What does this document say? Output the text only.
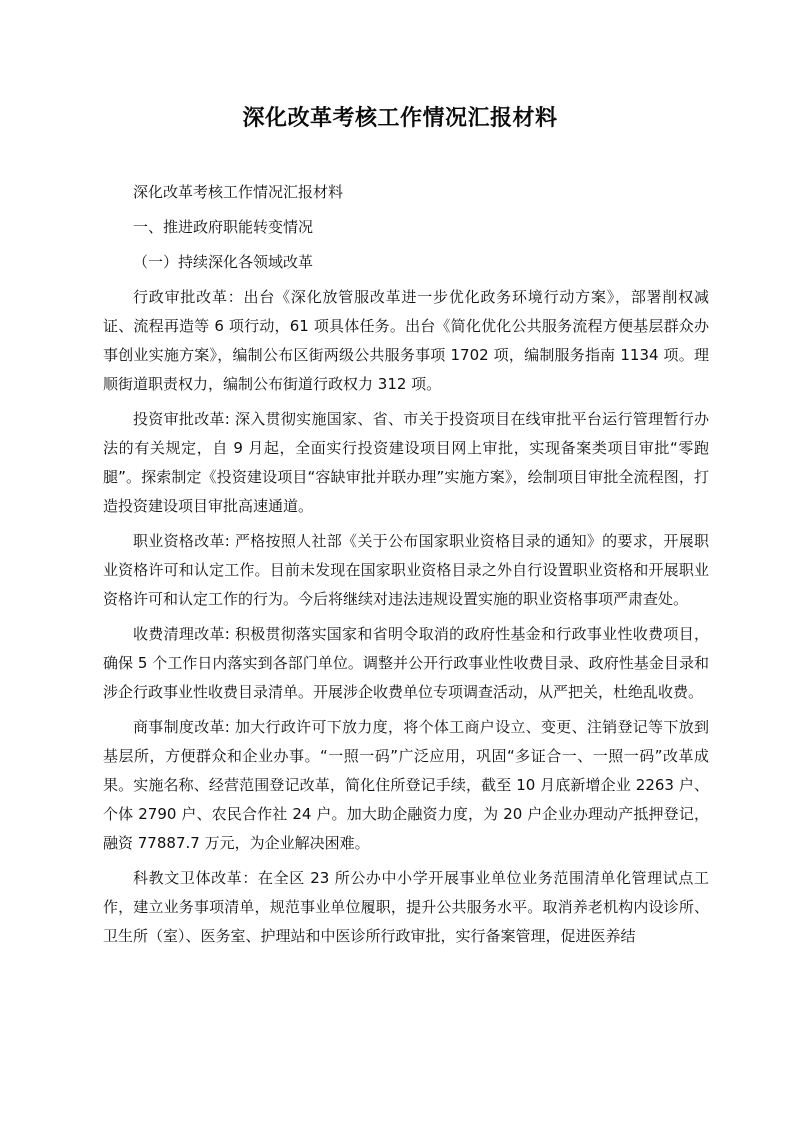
深化改革考核工作情况汇报材料

深化改革考核工作情况汇报材料

一、推进政府职能转变情况

（一）持续深化各领域改革

行政审批改革：出台《深化放管服改革进一步优化政务环境行动方案》，部署削权减证、流程再造等 6 项行动，61 项具体任务。出台《简化优化公共服务流程方便基层群众办事创业实施方案》，编制公布区街两级公共服务事项 1702 项，编制服务指南 1134 项。理顺街道职责权力，编制公布街道行政权力 312 项。

投资审批改革: 深入贯彻实施国家、省、市关于投资项目在线审批平台运行管理暂行办法的有关规定，自 9 月起，全面实行投资建设项目网上审批，实现备案类项目审批“零跑腿”。探索制定《投资建设项目“容缺审批并联办理”实施方案》，绘制项目审批全流程图，打造投资建设项目审批高速通道。

职业资格改革: 严格按照人社部《关于公布国家职业资格目录的通知》的要求，开展职业资格许可和认定工作。目前未发现在国家职业资格目录之外自行设置职业资格和开展职业资格许可和认定工作的行为。今后将继续对违法违规设置实施的职业资格事项严肃查处。

收费清理改革: 积极贯彻落实国家和省明令取消的政府性基金和行政事业性收费项目，确保 5 个工作日内落实到各部门单位。调整并公开行政事业性收费目录、政府性基金目录和涉企行政事业性收费目录清单。开展涉企收费单位专项调查活动，从严把关，杜绝乱收费。

商事制度改革: 加大行政许可下放力度，将个体工商户设立、变更、注销登记等下放到基层所，方便群众和企业办事。“一照一码”广泛应用，巩固“多证合一、一照一码”改革成果。实施名称、经营范围登记改革，简化住所登记手续，截至 10 月底新增企业 2263 户、个体 2790 户、农民合作社 24 户。加大助企融资力度，为 20 户企业办理动产抵押登记，融资 77887.7 万元，为企业解决困难。

科教文卫体改革：在全区 23 所公办中小学开展事业单位业务范围清单化管理试点工作，建立业务事项清单，规范事业单位履职，提升公共服务水平。取消养老机构内设诊所、卫生所（室）、医务室、护理站和中医诊所行政审批，实行备案管理，促进医养结
